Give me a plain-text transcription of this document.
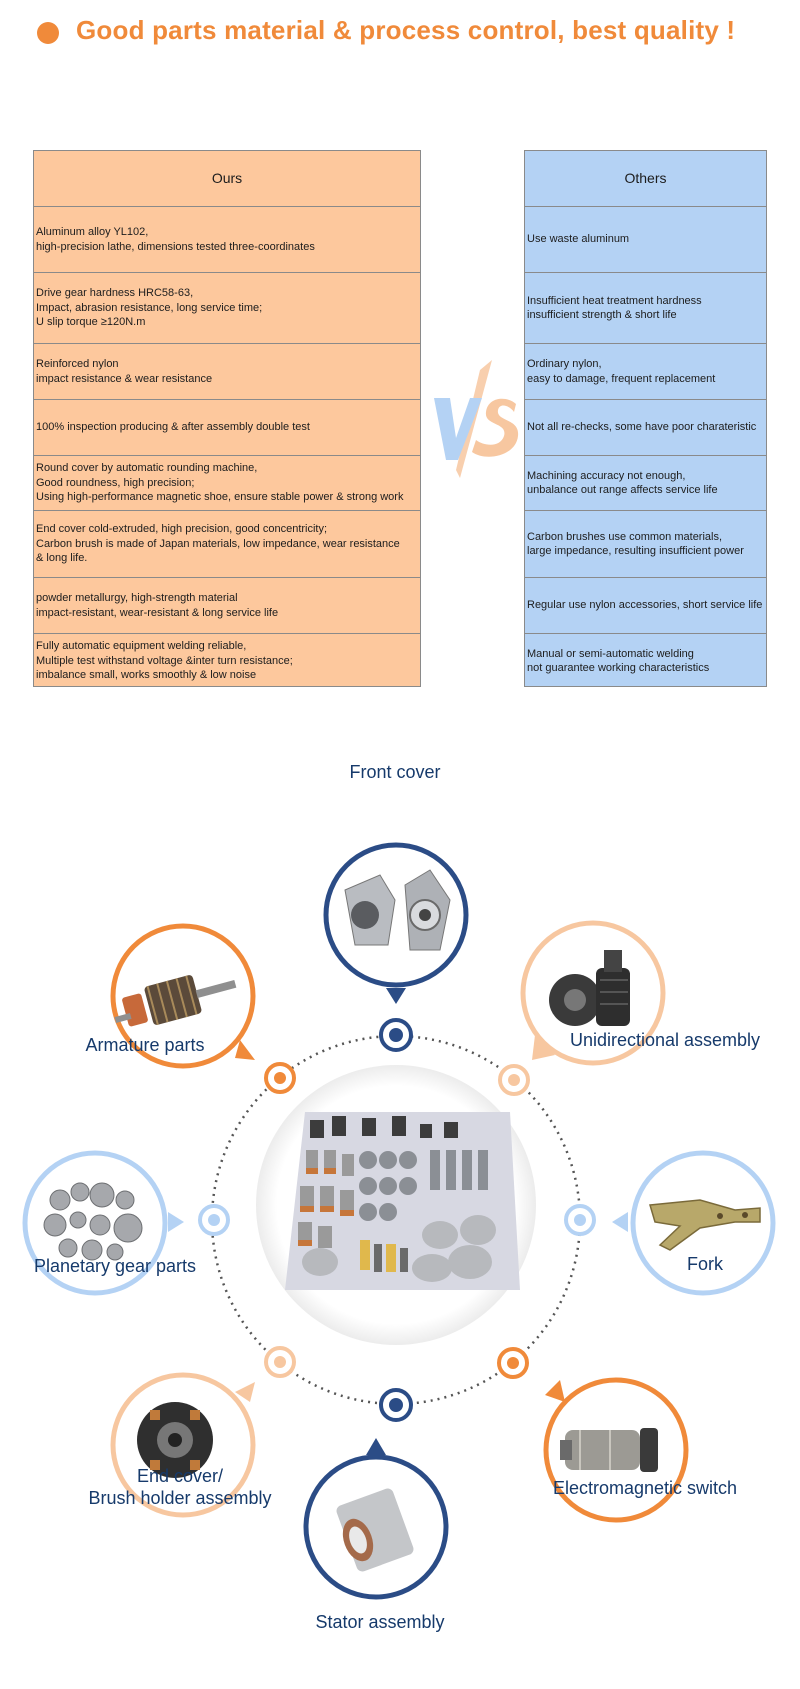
Good parts material & process control, best quality !
Ours
Aluminum alloy YL102,
high-precision lathe, dimensions tested three-coordinates
Drive gear hardness HRC58-63,
Impact, abrasion resistance, long service time;
U slip torque ≥120N.m
Reinforced nylon
impact resistance & wear resistance
100% inspection producing & after assembly double test
Round cover by automatic rounding machine,
Good roundness, high precision;
Using high-performance magnetic shoe, ensure stable power & strong work
End cover cold-extruded, high precision, good concentricity;
Carbon brush is made of Japan materials, low impedance, wear resistance
& long life.
powder metallurgy, high-strength material
impact-resistant, wear-resistant & long service life
Fully automatic equipment welding reliable,
Multiple test withstand voltage &inter turn resistance;
imbalance small, works smoothly & low noise
Others
Use waste aluminum
Insufficient heat treatment hardness
insufficient strength & short life
Ordinary nylon,
easy to damage, frequent replacement
Not all re-checks, some have poor charateristic
Machining accuracy not enough,
unbalance out range affects service life
Carbon brushes use common materials,
large impedance, resulting insufficient power
Regular use nylon accessories, short service life
Manual or semi-automatic welding
not guarantee working characteristics
VS
Front cover
Unidirectional assembly
Armature parts
Planetary gear parts	Fork
End cover/
Brush holder assembly	Electromagnetic switch
Stator assembly
